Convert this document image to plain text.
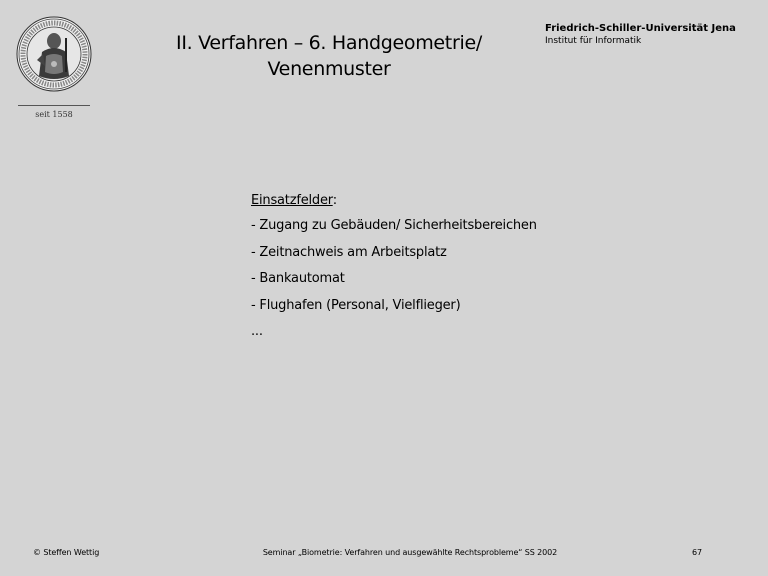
seit 1558
II. Verfahren – 6. Handgeometrie/
Venenmuster
Friedrich-Schiller-Universität Jena
Institut für Informatik
Einsatzfelder:
- Zugang zu Gebäuden/ Sicherheitsbereichen
- Zeitnachweis am Arbeitsplatz
- Bankautomat
- Flughafen (Personal, Vielflieger)
...
© Steffen Wettig	Seminar „Biometrie: Verfahren und ausgewählte Rechtsprobleme“ SS 2002	67
